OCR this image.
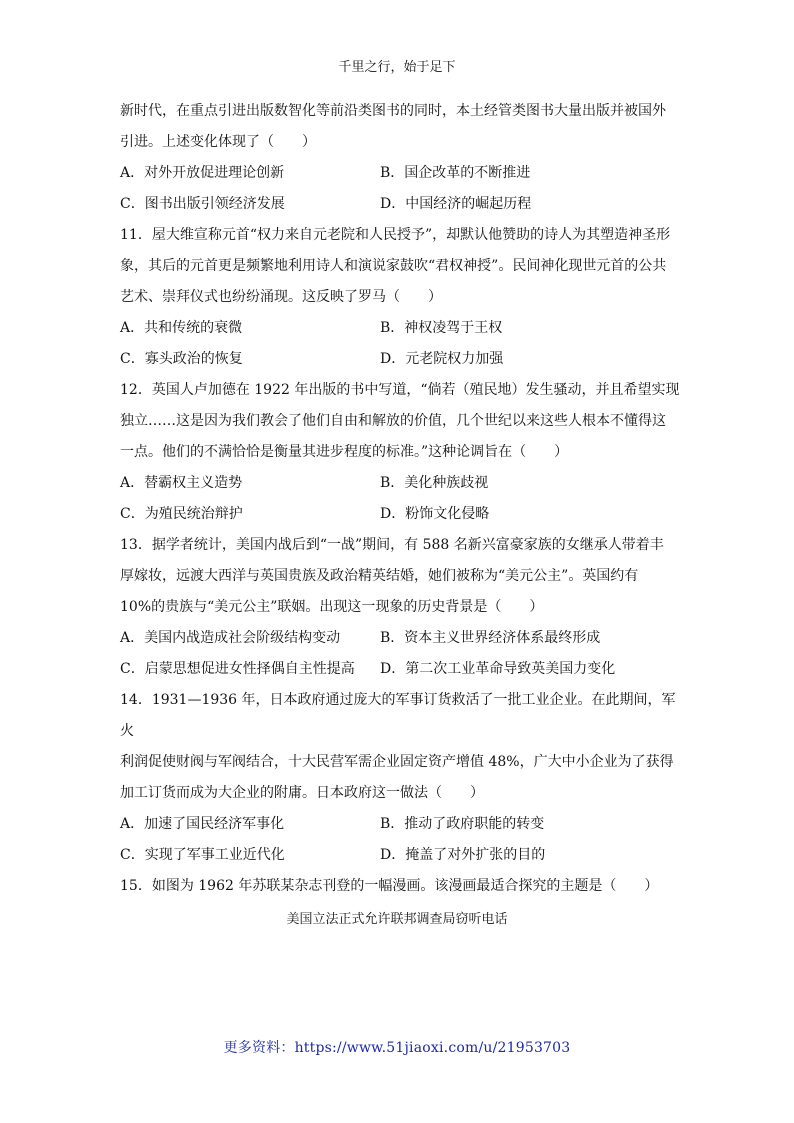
千里之行，始于足下

新时代，在重点引进出版数智化等前沿类图书的同时，本土经管类图书大量出版并被国外

引进。上述变化体现了（　　）

A．对外开放促进理论创新	B．国企改革的不断推进
C．图书出版引领经济发展	D．中国经济的崛起历程

11．屋大维宣称元首“权力来自元老院和人民授予”，却默认他赞助的诗人为其塑造神圣形

象，其后的元首更是频繁地利用诗人和演说家鼓吹“君权神授”。民间神化现世元首的公共

艺术、崇拜仪式也纷纷涌现。这反映了罗马（　　）

A．共和传统的衰微	B．神权凌驾于王权
C．寡头政治的恢复	D．元老院权力加强

12．英国人卢加德在 1922 年出版的书中写道，“倘若（殖民地）发生骚动，并且希望实现

独立……这是因为我们教会了他们自由和解放的价值，几个世纪以来这些人根本不懂得这

一点。他们的不满恰恰是衡量其进步程度的标准。”这种论调旨在（　　）

A．替霸权主义造势	B．美化种族歧视
C．为殖民统治辩护	D．粉饰文化侵略

13．据学者统计，美国内战后到“一战”期间，有 588 名新兴富豪家族的女继承人带着丰

厚嫁妆，远渡大西洋与英国贵族及政治精英结婚，她们被称为“美元公主”。英国约有

10%的贵族与“美元公主”联姻。出现这一现象的历史背景是（　　）

A．美国内战造成社会阶级结构变动	B．资本主义世界经济体系最终形成
C．启蒙思想促进女性择偶自主性提高	D．第二次工业革命导致英美国力变化

14．1931—1936 年，日本政府通过庞大的军事订货救活了一批工业企业。在此期间，军火

利润促使财阀与军阀结合，十大民营军需企业固定资产增值 48%，广大中小企业为了获得

加工订货而成为大企业的附庸。日本政府这一做法（　　）

A．加速了国民经济军事化	B．推动了政府职能的转变
C．实现了军事工业近代化	D．掩盖了对外扩张的目的

15．如图为 1962 年苏联某杂志刊登的一幅漫画。该漫画最适合探究的主题是（　　）

美国立法正式允许联邦调查局窃听电话
更多资料：https://www.51jiaoxi.com/u/21953703
